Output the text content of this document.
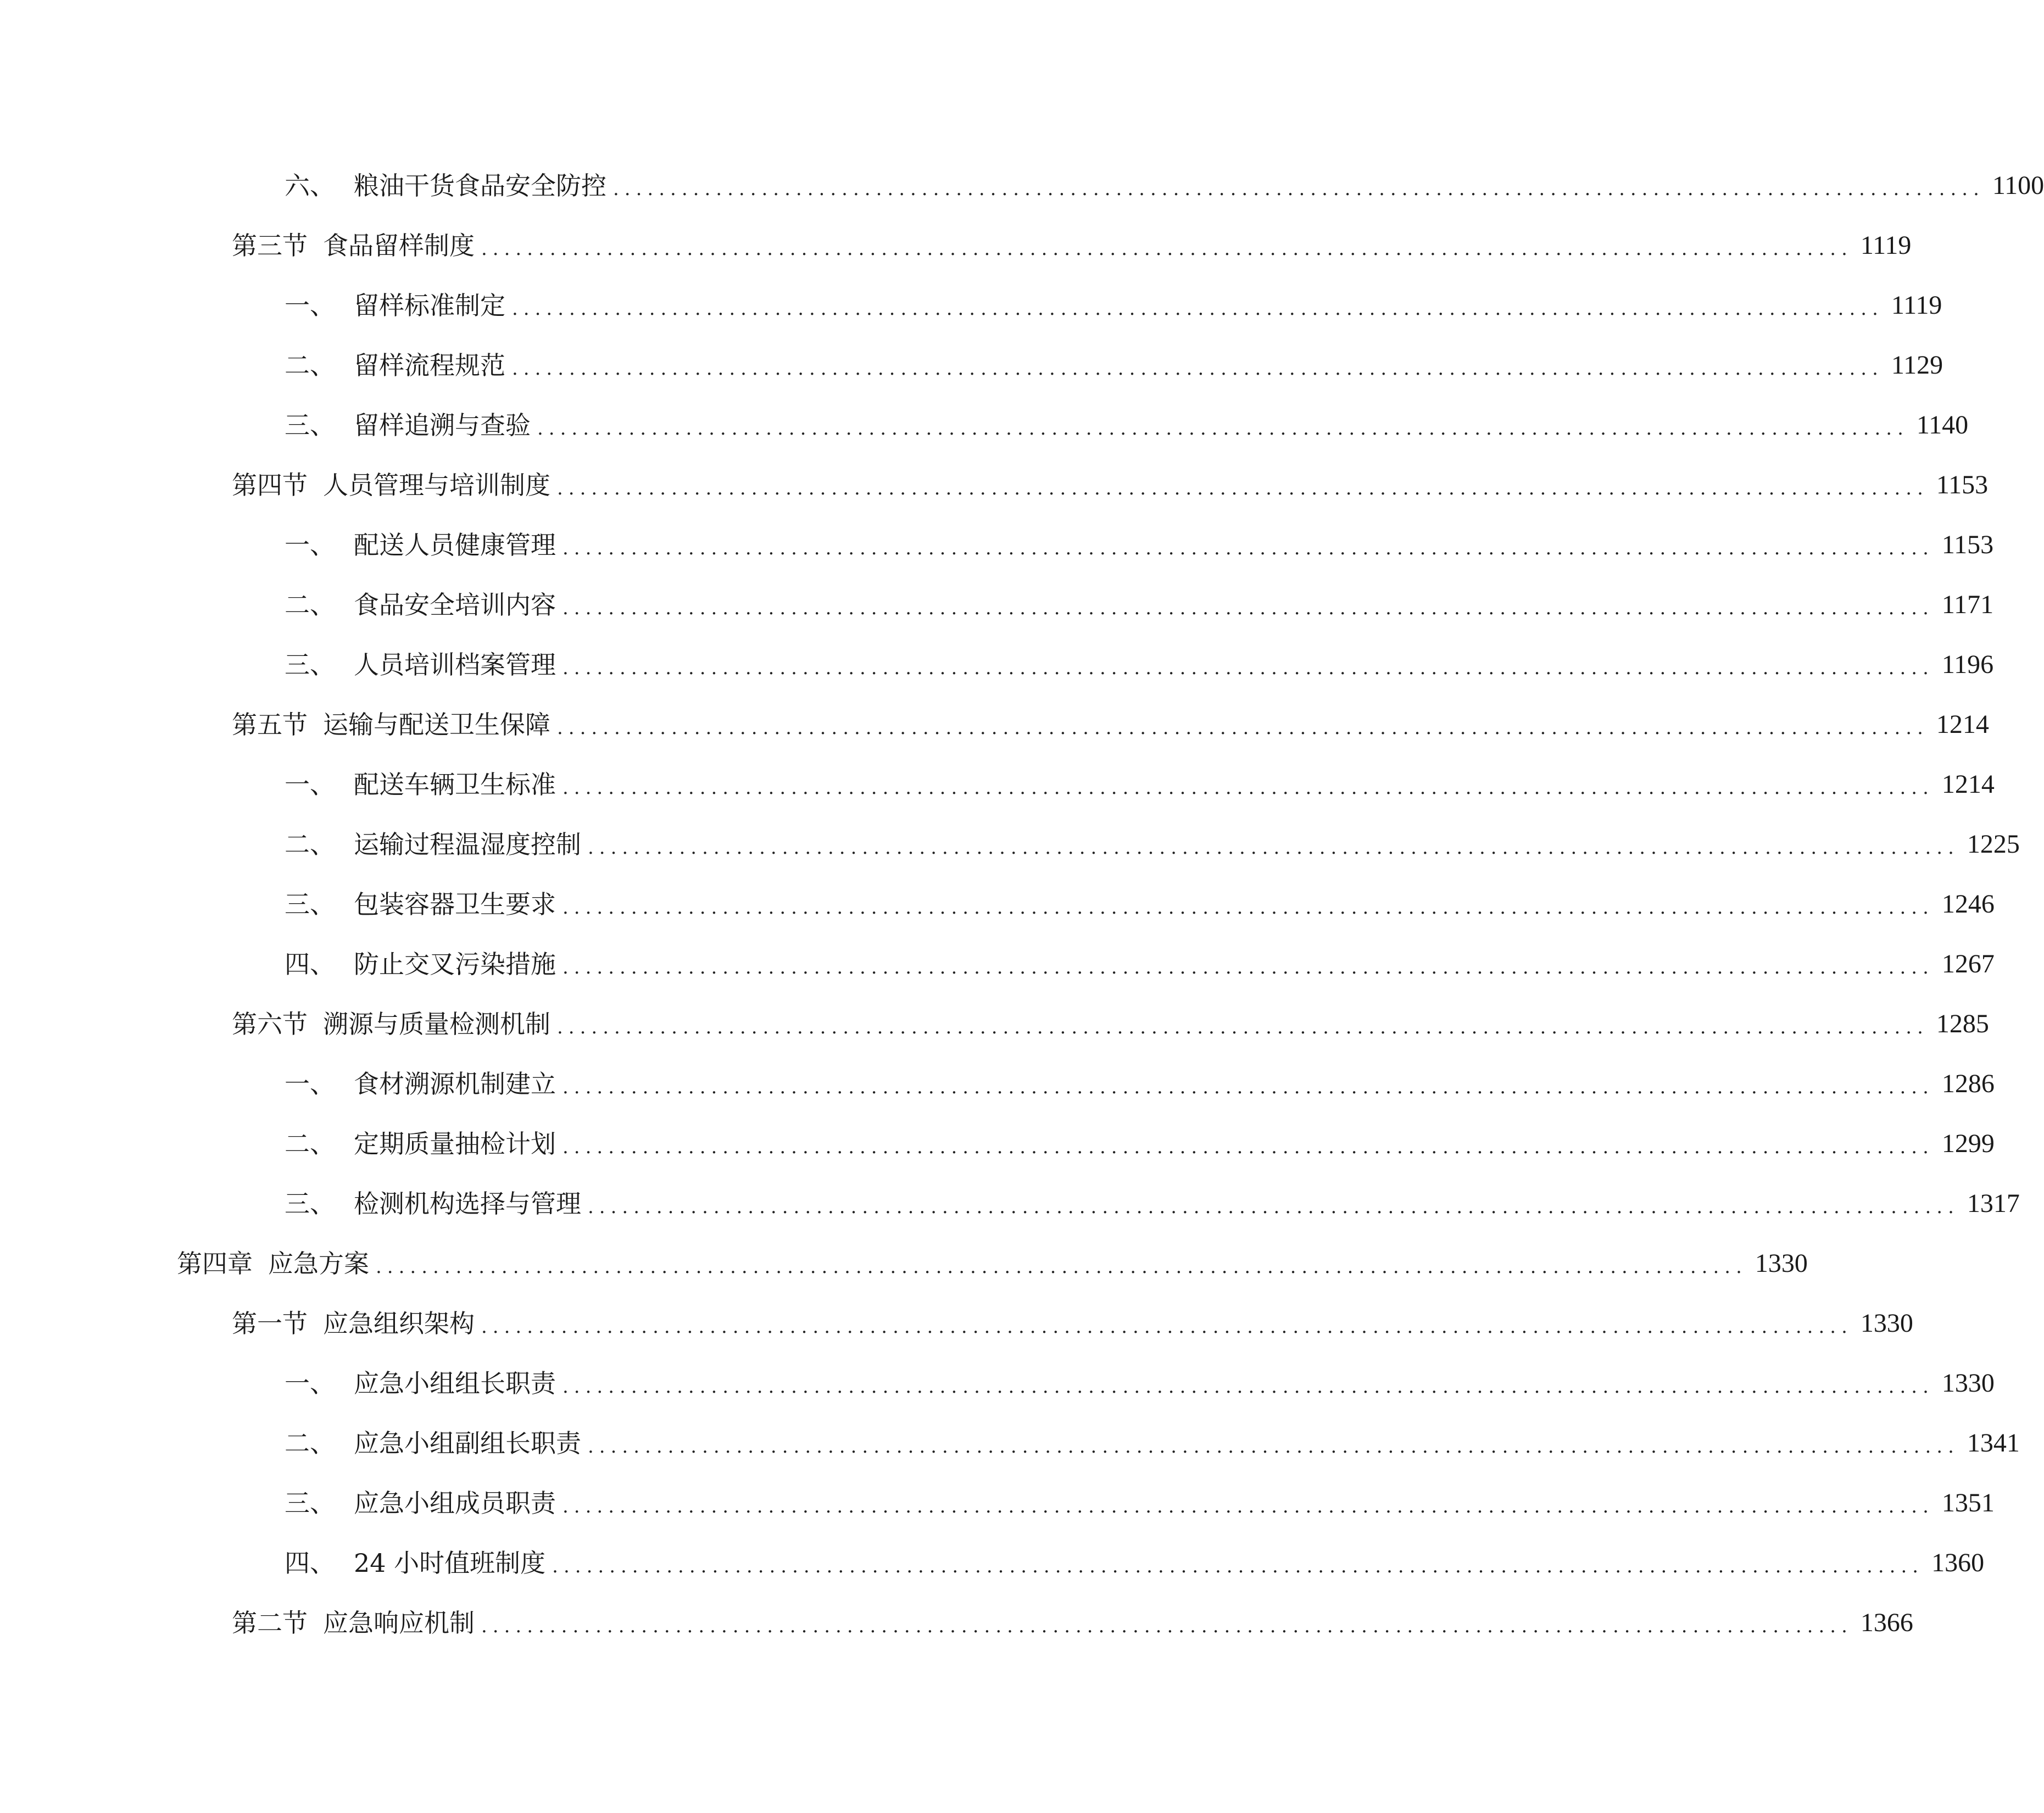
六、 粮油干货食品安全防控 ........................................................................................................................ 1100
第三节 食品留样制度 ........................................................................................................................ 1119
一、 留样标准制定 ........................................................................................................................ 1119
二、 留样流程规范 ........................................................................................................................ 1129
三、 留样追溯与查验 ........................................................................................................................ 1140
第四节 人员管理与培训制度 ........................................................................................................................ 1153
一、 配送人员健康管理 ........................................................................................................................ 1153
二、 食品安全培训内容 ........................................................................................................................ 1171
三、 人员培训档案管理 ........................................................................................................................ 1196
第五节 运输与配送卫生保障 ........................................................................................................................ 1214
一、 配送车辆卫生标准 ........................................................................................................................ 1214
二、 运输过程温湿度控制 ........................................................................................................................ 1225
三、 包装容器卫生要求 ........................................................................................................................ 1246
四、 防止交叉污染措施 ........................................................................................................................ 1267
第六节 溯源与质量检测机制 ........................................................................................................................ 1285
一、 食材溯源机制建立 ........................................................................................................................ 1286
二、 定期质量抽检计划 ........................................................................................................................ 1299
三、 检测机构选择与管理 ........................................................................................................................ 1317
第四章 应急方案 ........................................................................................................................ 1330
第一节 应急组织架构 ........................................................................................................................ 1330
一、 应急小组组长职责 ........................................................................................................................ 1330
二、 应急小组副组长职责 ........................................................................................................................ 1341
三、 应急小组成员职责 ........................................................................................................................ 1351
四、 24 小时值班制度 ........................................................................................................................ 1360
第二节 应急响应机制 ........................................................................................................................ 1366
